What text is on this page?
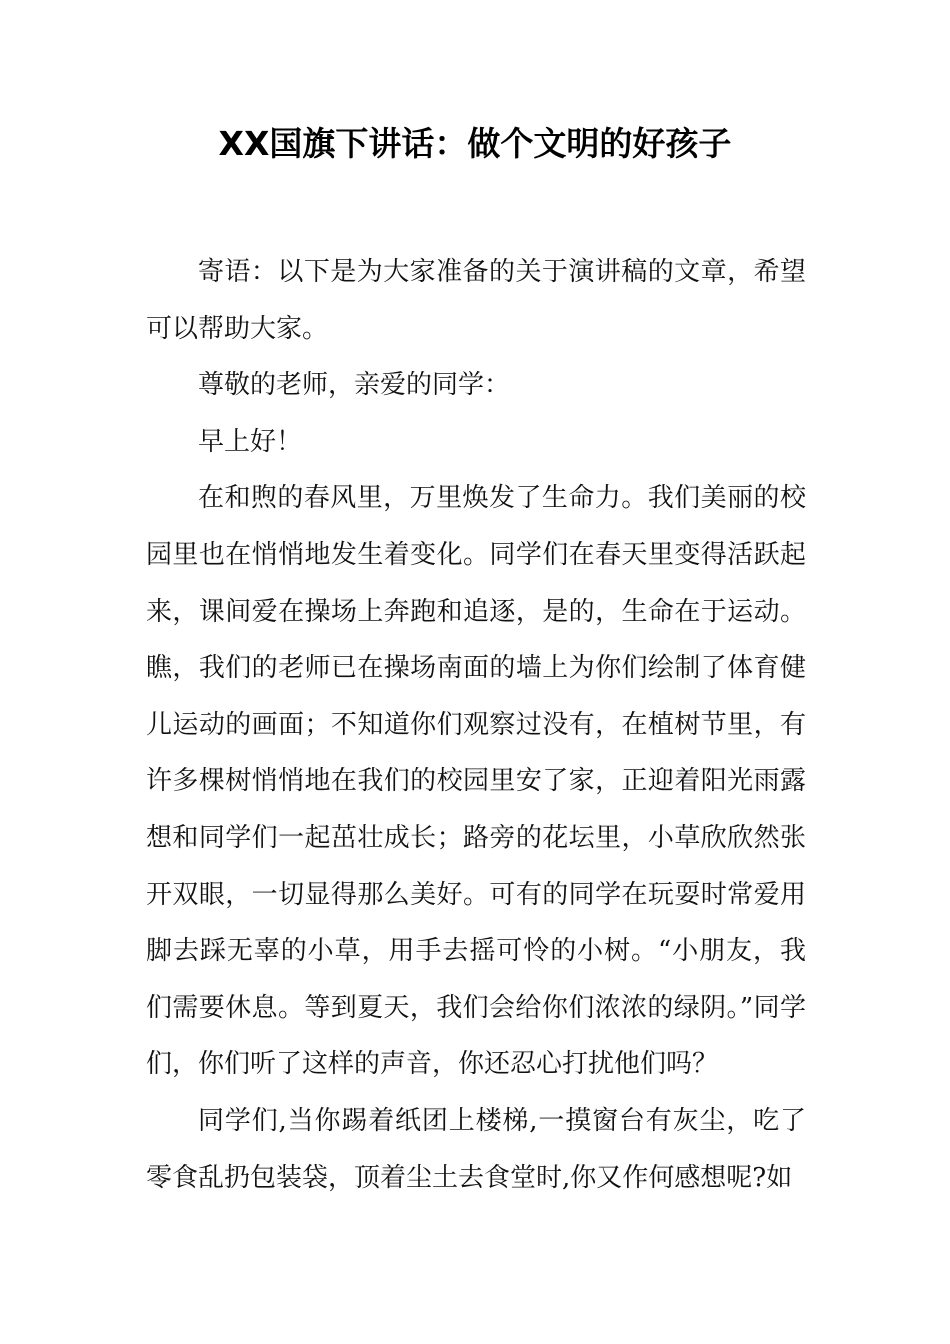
XX国旗下讲话：做个文明的好孩子

寄语：以下是为大家准备的关于演讲稿的文章，希望可以帮助大家。

尊敬的老师，亲爱的同学：

早上好！

在和煦的春风里，万里焕发了生命力。我们美丽的校园里也在悄悄地发生着变化。同学们在春天里变得活跃起来，课间爱在操场上奔跑和追逐，是的，生命在于运动。瞧，我们的老师已在操场南面的墙上为你们绘制了体育健儿运动的画面；不知道你们观察过没有，在植树节里，有许多棵树悄悄地在我们的校园里安了家，正迎着阳光雨露想和同学们一起茁壮成长；路旁的花坛里，小草欣欣然张开双眼，一切显得那么美好。可有的同学在玩耍时常爱用脚去踩无辜的小草，用手去摇可怜的小树。“小朋友，我们需要休息。等到夏天，我们会给你们浓浓的绿阴。”同学们，你们听了这样的声音，你还忍心打扰他们吗？

同学们,当你踢着纸团上楼梯,一摸窗台有灰尘，吃了零食乱扔包装袋，顶着尘土去食堂时,你又作何感想呢?如
